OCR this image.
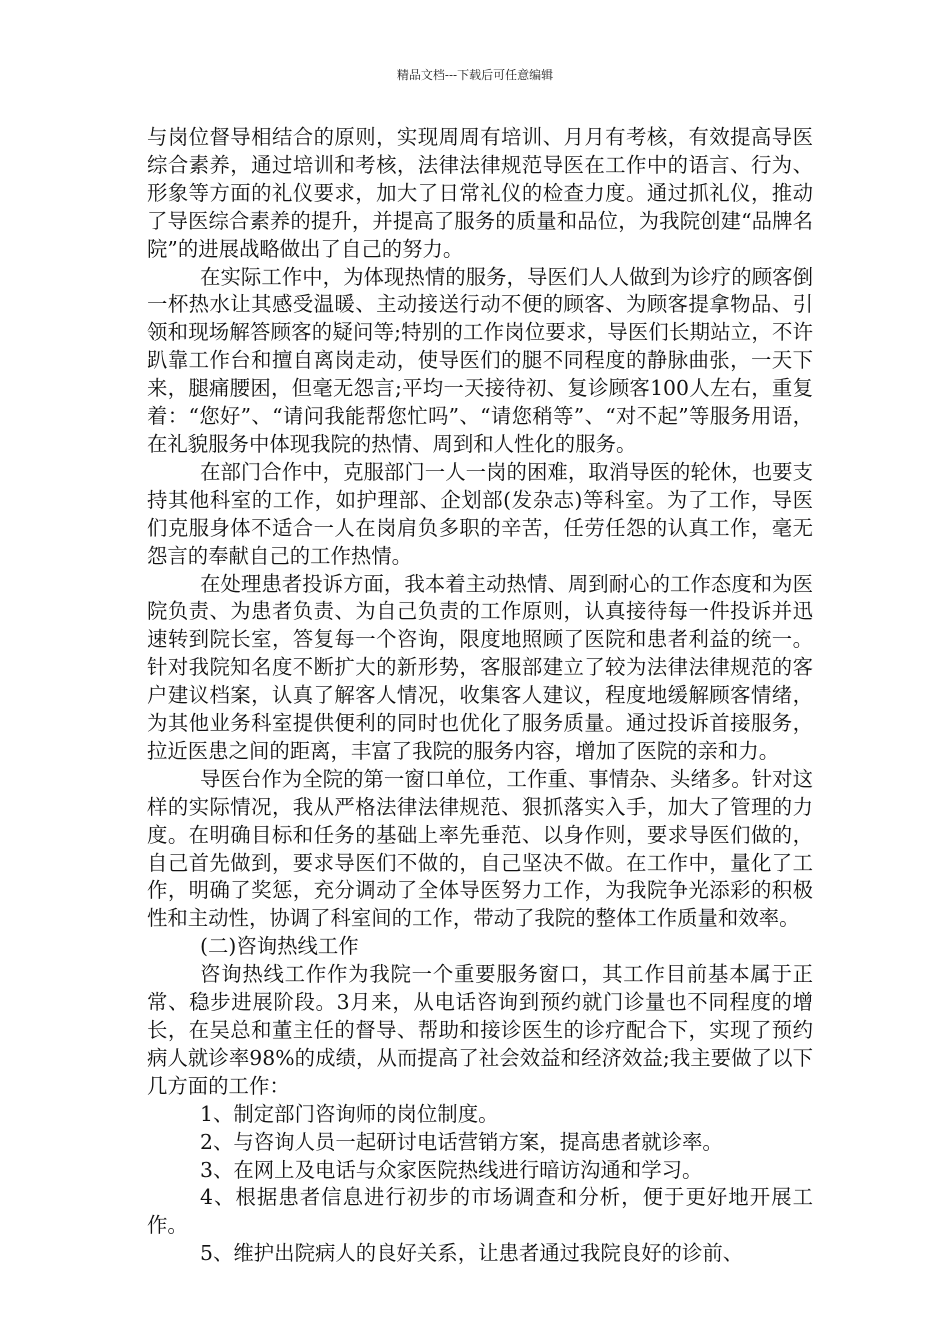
精品文档---下载后可任意编辑

与岗位督导相结合的原则，实现周周有培训、月月有考核，有效提高导医综合素养，通过培训和考核，法律法律规范导医在工作中的语言、行为、形象等方面的礼仪要求，加大了日常礼仪的检查力度。通过抓礼仪，推动了导医综合素养的提升，并提高了服务的质量和品位，为我院创建“品牌名院”的进展战略做出了自己的努力。

在实际工作中，为体现热情的服务，导医们人人做到为诊疗的顾客倒一杯热水让其感受温暖、主动接送行动不便的顾客、为顾客提拿物品、引领和现场解答顾客的疑问等;特别的工作岗位要求，导医们长期站立，不许趴靠工作台和擅自离岗走动，使导医们的腿不同程度的静脉曲张，一天下来，腿痛腰困，但毫无怨言;平均一天接待初、复诊顾客100人左右，重复着：“您好”、“请问我能帮您忙吗”、“请您稍等”、“对不起”等服务用语，在礼貌服务中体现我院的热情、周到和人性化的服务。

在部门合作中，克服部门一人一岗的困难，取消导医的轮休，也要支持其他科室的工作，如护理部、企划部(发杂志)等科室。为了工作，导医们克服身体不适合一人在岗肩负多职的辛苦，任劳任怨的认真工作，毫无怨言的奉献自己的工作热情。

在处理患者投诉方面，我本着主动热情、周到耐心的工作态度和为医院负责、为患者负责、为自己负责的工作原则，认真接待每一件投诉并迅速转到院长室，答复每一个咨询，限度地照顾了医院和患者利益的统一。针对我院知名度不断扩大的新形势，客服部建立了较为法律法律规范的客户建议档案，认真了解客人情况，收集客人建议，程度地缓解顾客情绪，为其他业务科室提供便利的同时也优化了服务质量。通过投诉首接服务，拉近医患之间的距离，丰富了我院的服务内容，增加了医院的亲和力。

导医台作为全院的第一窗口单位，工作重、事情杂、头绪多。针对这样的实际情况，我从严格法律法律规范、狠抓落实入手，加大了管理的力度。在明确目标和任务的基础上率先垂范、以身作则，要求导医们做的，自己首先做到，要求导医们不做的，自己坚决不做。在工作中，量化了工作，明确了奖惩，充分调动了全体导医努力工作，为我院争光添彩的积极性和主动性，协调了科室间的工作，带动了我院的整体工作质量和效率。

(二)咨询热线工作

咨询热线工作作为我院一个重要服务窗口，其工作目前基本属于正常、稳步进展阶段。3月来，从电话咨询到预约就门诊量也不同程度的增长，在吴总和董主任的督导、帮助和接诊医生的诊疗配合下，实现了预约病人就诊率98%的成绩，从而提高了社会效益和经济效益;我主要做了以下几方面的工作：

1、制定部门咨询师的岗位制度。

2、与咨询人员一起研讨电话营销方案，提高患者就诊率。

3、在网上及电话与众家医院热线进行暗访沟通和学习。

4、根据患者信息进行初步的市场调查和分析，便于更好地开展工作。

5、维护出院病人的良好关系，让患者通过我院良好的诊前、
